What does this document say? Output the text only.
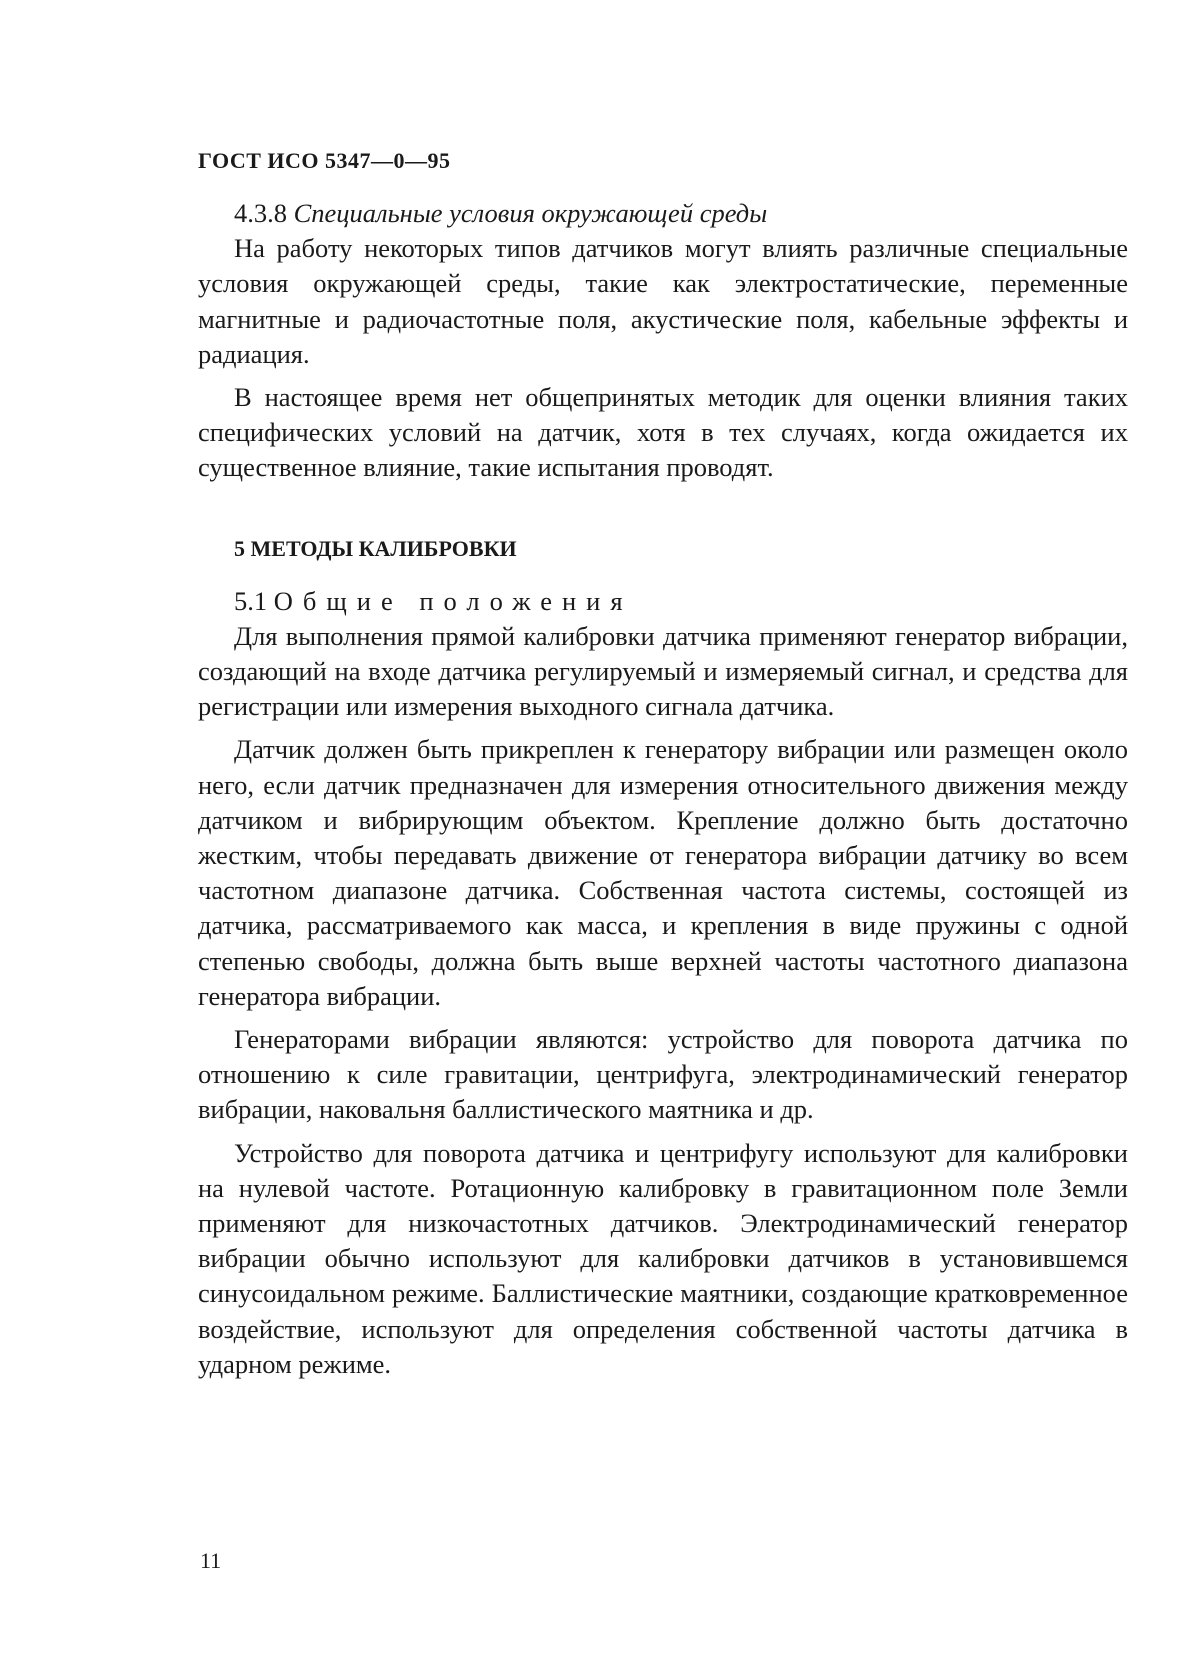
ГОСТ ИСО 5347—0—95
4.3.8 Специальные условия окружающей среды

На работу некоторых типов датчиков могут влиять различные специальные условия окружающей среды, такие как электростатические, переменные магнитные и радиочастотные поля, акустические поля, кабельные эффекты и радиация.

В настоящее время нет общепринятых методик для оценки влияния таких специфических условий на датчик, хотя в тех случаях, когда ожидается их существенное влияние, такие испытания проводят.

5 МЕТОДЫ КАЛИБРОВКИ
5.1 Общие положения

Для выполнения прямой калибровки датчика применяют генератор вибрации, создающий на входе датчика регулируемый и измеряемый сигнал, и средства для регистрации или измерения выходного сигнала датчика.

Датчик должен быть прикреплен к генератору вибрации или размещен около него, если датчик предназначен для измерения относительного движения между датчиком и вибрирующим объектом. Крепление должно быть достаточно жестким, чтобы передавать движение от генератора вибрации датчику во всем частотном диапазоне датчика. Собственная частота системы, состоящей из датчика, рассматриваемого как масса, и крепления в виде пружины с одной степенью свободы, должна быть выше верхней частоты частотного диапазона генератора вибрации.

Генераторами вибрации являются: устройство для поворота датчика по отношению к силе гравитации, центрифуга, электродинамический генератор вибрации, наковальня баллистического маятника и др.

Устройство для поворота датчика и центрифугу используют для калибровки на нулевой частоте. Ротационную калибровку в гравитационном поле Земли применяют для низкочастотных датчиков. Электродинамический генератор вибрации обычно используют для калибровки датчиков в установившемся синусоидальном режиме. Баллистические маятники, создающие кратковременное воздействие, используют для определения собственной частоты датчика в ударном режиме.

11
